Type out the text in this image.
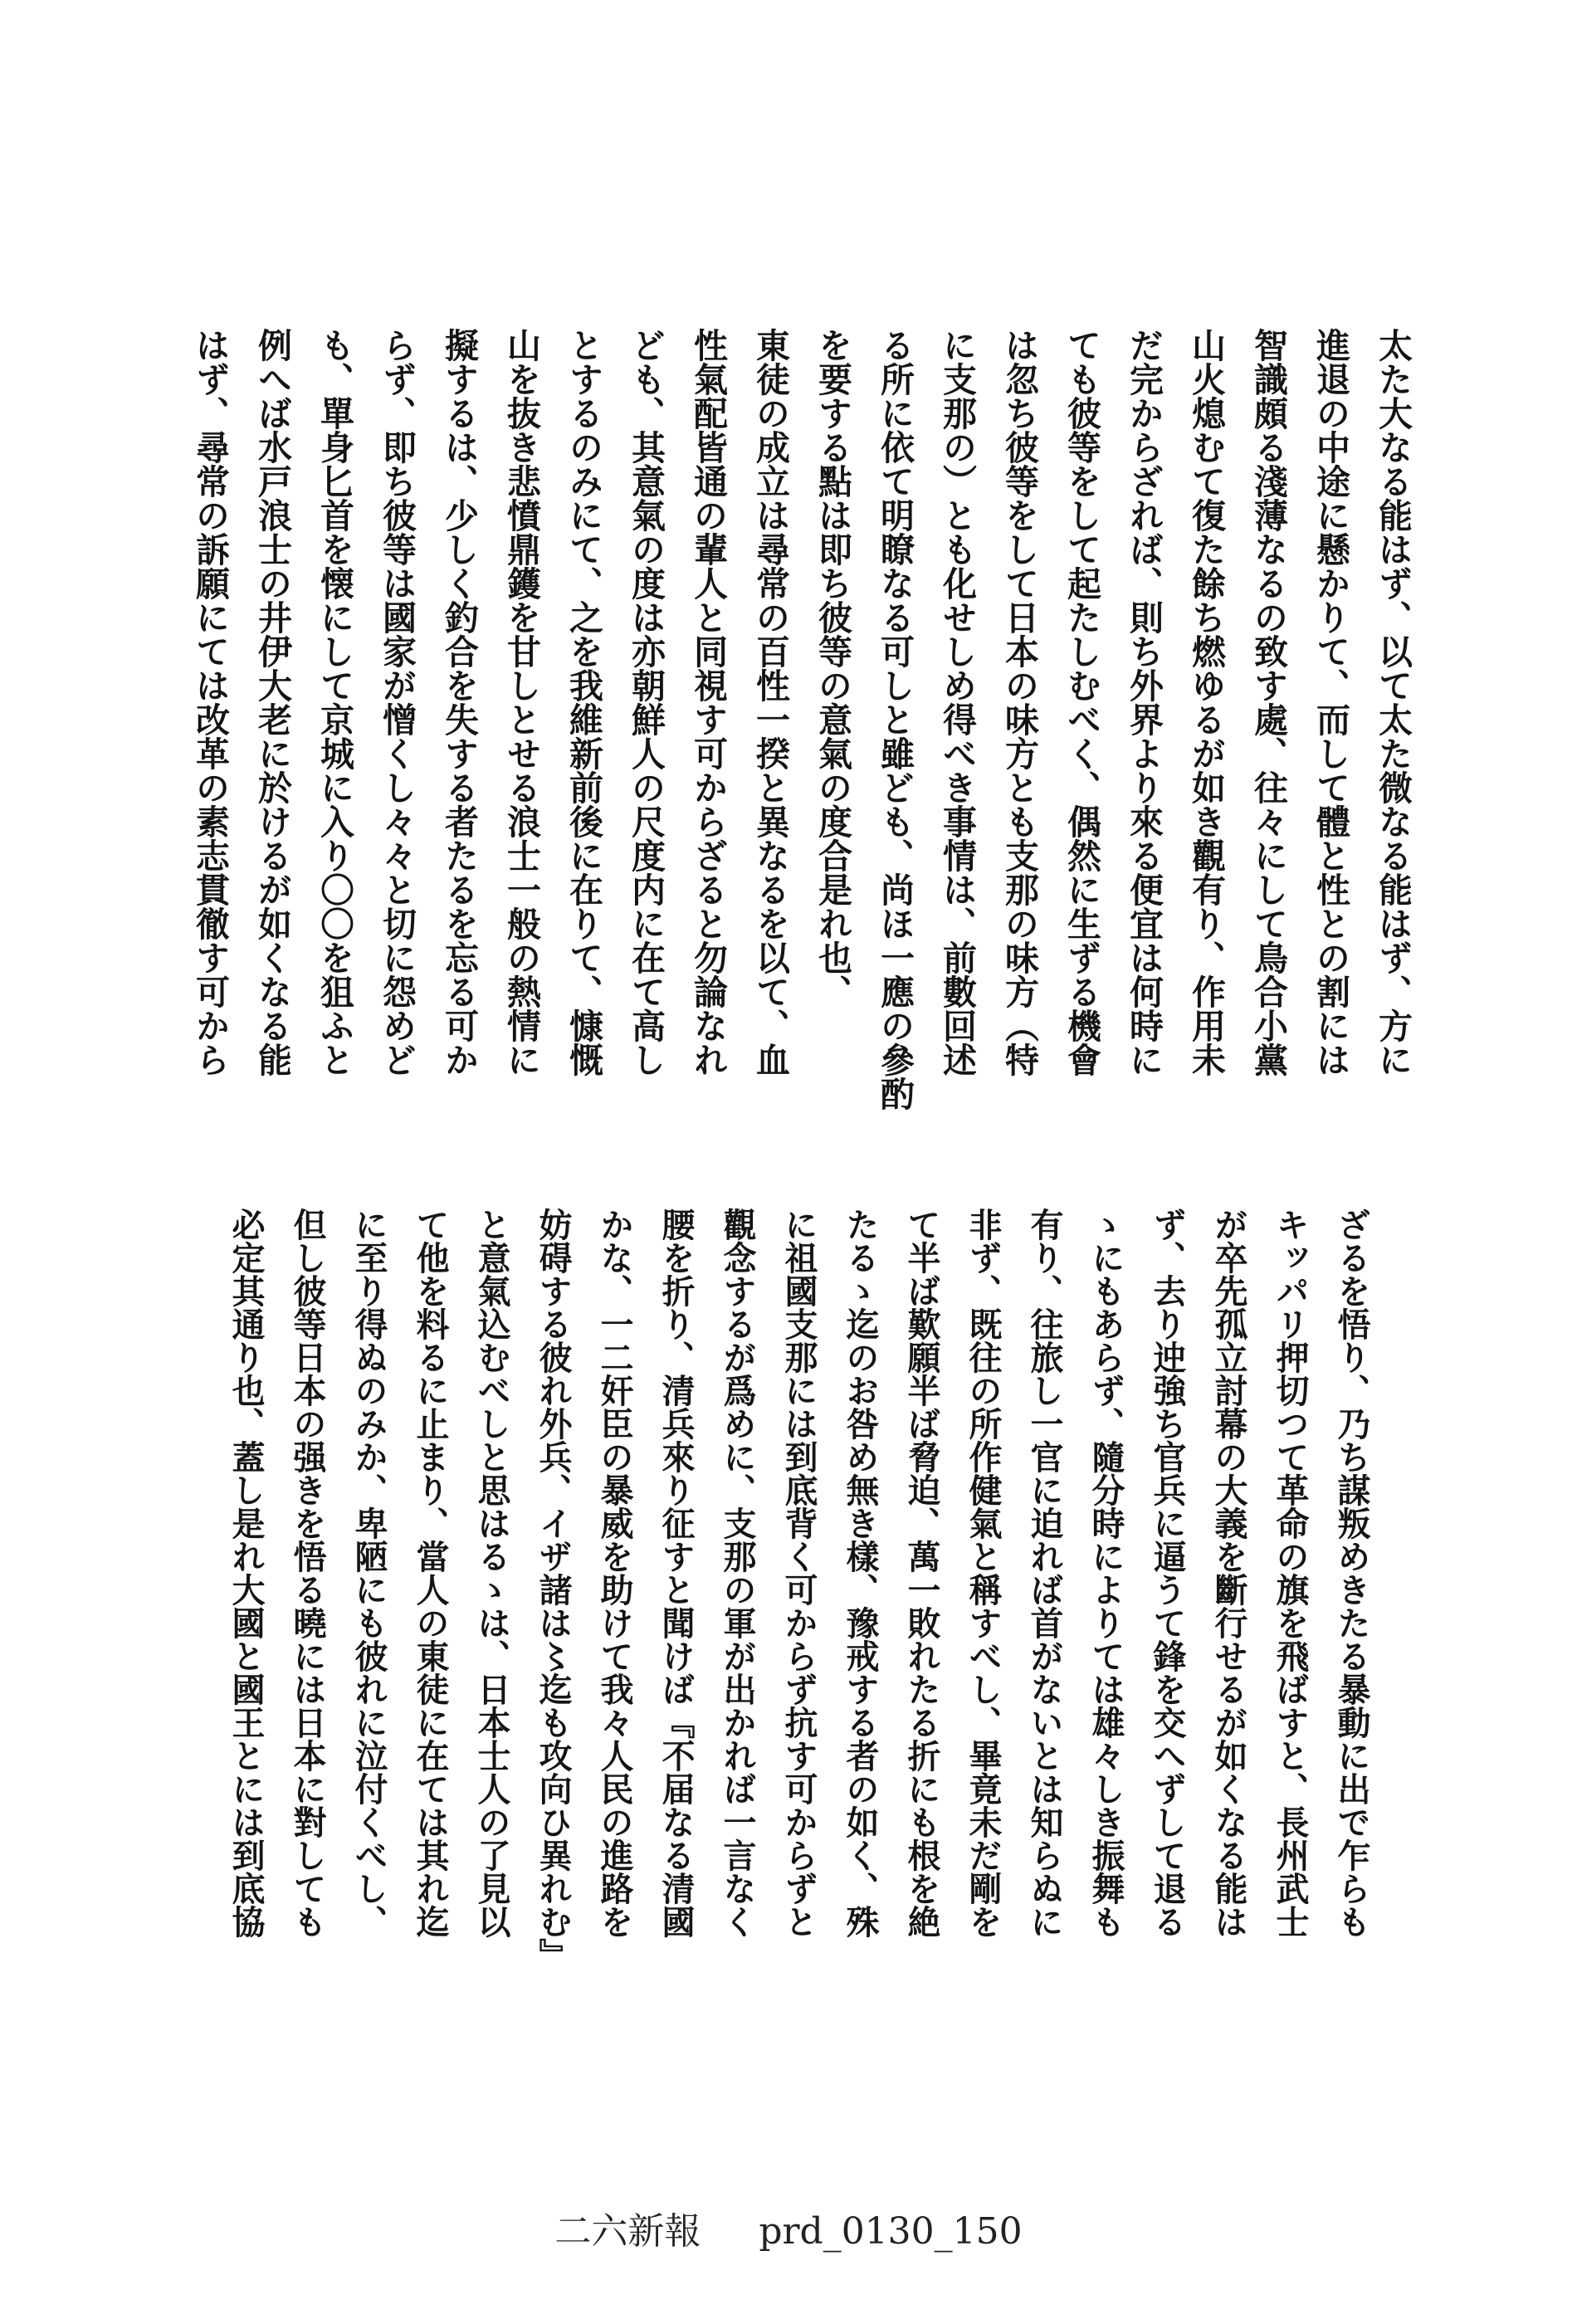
太た大なる能はず、以て太た微なる能はず、方に
進退の中途に懸かりて、而して體と性との割には
智識頗る淺薄なるの致す處、往々にして鳥合小黨
山火熄むて復た餘ち燃ゆるが如き觀有り、作用未
だ完からざれば、則ち外界より來る便宜は何時に
ても彼等をして起たしむべく、偶然に生ずる機會
は忽ち彼等をして日本の味方とも支那の味方（特
に支那の）とも化せしめ得べき事情は、前數回述
る所に依て明瞭なる可しと雖ども、尚ほ一應の參酌
を要する點は即ち彼等の意氣の度合是れ也、
東徒の成立は尋常の百性一揆と異なるを以て、血
性氣配皆通の輩人と同視す可からざると勿論なれ
ども、其意氣の度は亦朝鮮人の尺度内に在て高し
とするのみにて、之を我維新前後に在りて、慷慨
山を抜き悲憤鼎鑊を甘しとせる浪士一般の熱情に
擬するは、少しく釣合を失する者たるを忘る可か
らず、即ち彼等は國家が憎くし々々と切に怨めど
も、單身匕首を懐にして京城に入り〇〇を狙ふと
例へば水戸浪士の井伊大老に於けるが如くなる能
はず、尋常の訴願にては改革の素志貫徹す可から
ざるを悟り、乃ち謀叛めきたる暴動に出で乍らも
キッパリ押切つて革命の旗を飛ばすと、長州武士
が卒先孤立討幕の大義を斷行せるが如くなる能は
ず、去り迚強ち官兵に逼うて鋒を交へずして退る
ゝにもあらず、隨分時によりては雄々しき振舞も
有り、往旅し一官に迫れば首がないとは知らぬに
非ず、既往の所作健氣と稱すべし、畢竟未だ剛を
て半ば歎願半ば脅迫、萬一敗れたる折にも根を絶
たるゝ迄のお咎め無き樣、豫戒する者の如く、殊
に祖國支那には到底背く可からず抗す可からずと
觀念するが爲めに、支那の軍が出かれば一言なく
腰を折り、清兵來り征すと聞けば『不届なる清國
かな、一二奸臣の暴威を助けて我々人民の進路を
妨碍する彼れ外兵、イザ諸は〻迄も攻向ひ異れむ』
と意氣込むべしと思はるゝは、日本士人の了見以
て他を料るに止まり、當人の東徒に在ては其れ迄
に至り得ぬのみか、卑陋にも彼れに泣付くべし、
但し彼等日本の强きを悟る曉には日本に對しても
必定其通り也、蓋し是れ大國と國王とには到底協
二六新報 prd_0130_150
